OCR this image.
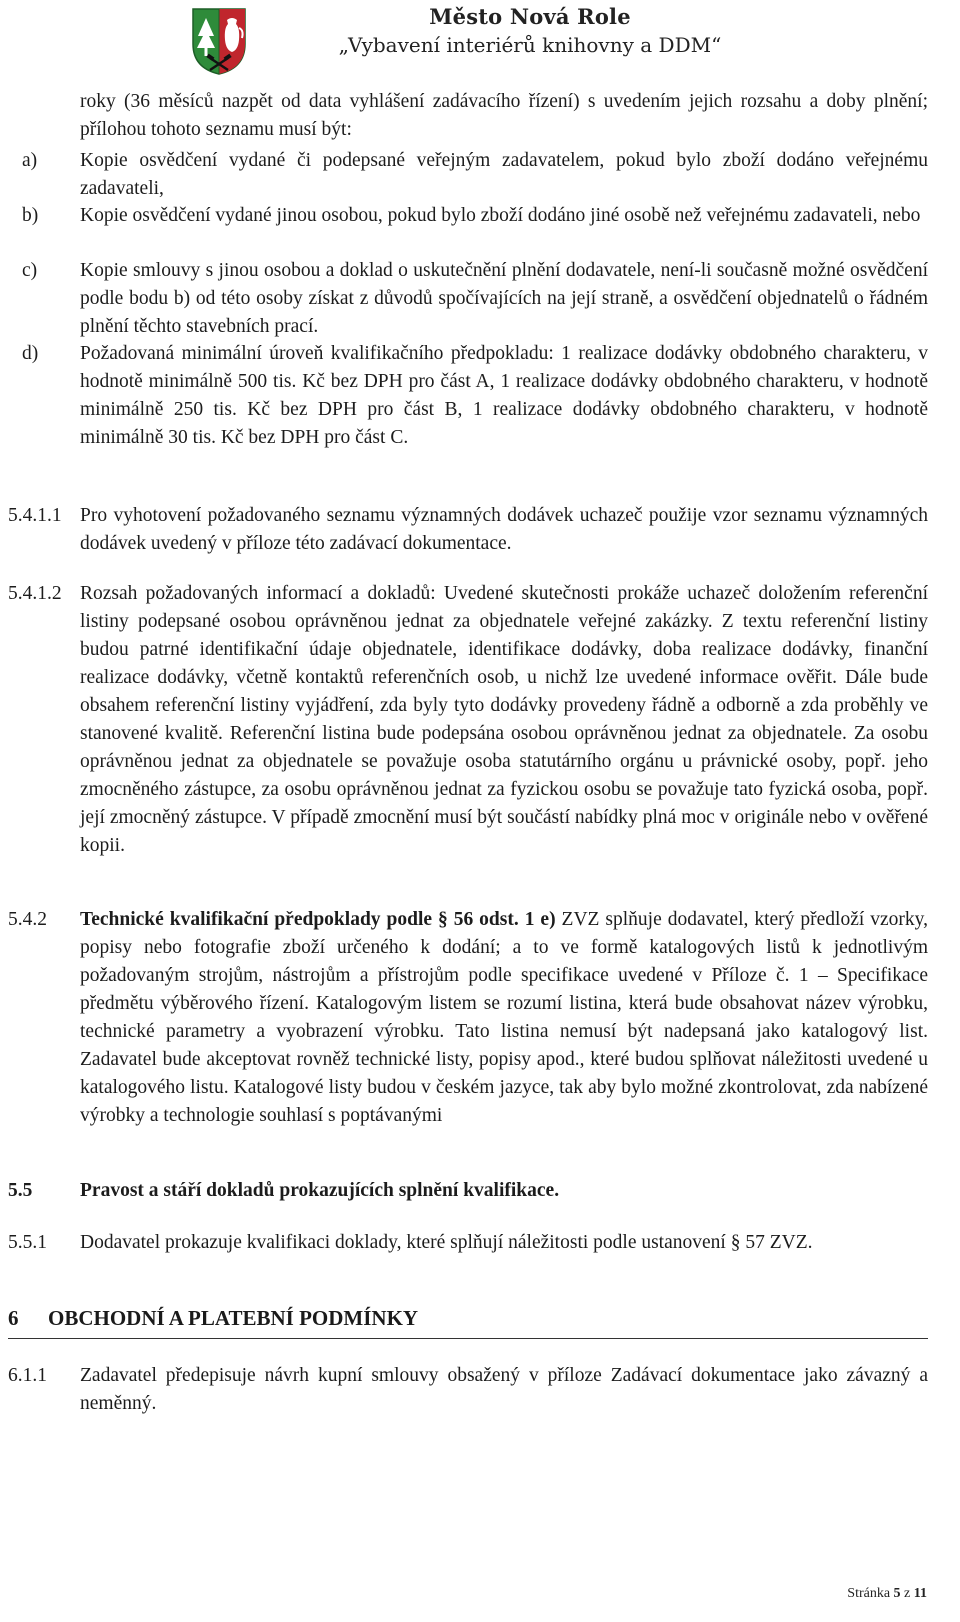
Město Nová Role
„Vybavení interiérů knihovny a DDM“
roky (36 měsíců nazpět od data vyhlášení zadávacího řízení) s uvedením jejich rozsahu a doby plnění; přílohou tohoto seznamu musí být:
a) Kopie osvědčení vydané či podepsané veřejným zadavatelem, pokud bylo zboží dodáno veřejnému zadavateli,
b) Kopie osvědčení vydané jinou osobou, pokud bylo zboží dodáno jiné osobě než veřejnému zadavateli, nebo
c) Kopie smlouvy s jinou osobou a doklad o uskutečnění plnění dodavatele, není-li současně možné osvědčení podle bodu b) od této osoby získat z důvodů spočívajících na její straně, a osvědčení objednatelů o řádném plnění těchto stavebních prací.
d) Požadovaná minimální úroveň kvalifikačního předpokladu: 1 realizace dodávky obdobného charakteru, v hodnotě minimálně 500 tis. Kč bez DPH pro část A, 1 realizace dodávky obdobného charakteru, v hodnotě minimálně 250 tis. Kč bez DPH pro část B, 1 realizace dodávky obdobného charakteru, v hodnotě minimálně 30 tis. Kč bez DPH pro část C.
5.4.1.1 Pro vyhotovení požadovaného seznamu významných dodávek uchazeč použije vzor seznamu významných dodávek uvedený v příloze této zadávací dokumentace.
5.4.1.2 Rozsah požadovaných informací a dokladů: Uvedené skutečnosti prokáže uchazeč doložením referenční listiny podepsané osobou oprávněnou jednat za objednatele veřejné zakázky. Z textu referenční listiny budou patrné identifikační údaje objednatele, identifikace dodávky, doba realizace dodávky, finanční realizace dodávky, včetně kontaktů referenčních osob, u nichž lze uvedené informace ověřit. Dále bude obsahem referenční listiny vyjádření, zda byly tyto dodávky provedeny řádně a odborně a zda proběhly ve stanovené kvalitě. Referenční listina bude podepsána osobou oprávněnou jednat za objednatele. Za osobu oprávněnou jednat za objednatele se považuje osoba statutárního orgánu u právnické osoby, popř. jeho zmocněného zástupce, za osobu oprávněnou jednat za fyzickou osobu se považuje tato fyzická osoba, popř. její zmocněný zástupce. V případě zmocnění musí být součástí nabídky plná moc v originále nebo v ověřené kopii.
5.4.2 Technické kvalifikační předpoklady podle § 56 odst. 1 e) ZVZ splňuje dodavatel, který předloží vzorky, popisy nebo fotografie zboží určeného k dodání; a to ve formě katalogových listů k jednotlivým požadovaným strojům, nástrojům a přístrojům podle specifikace uvedené v Příloze č. 1 – Specifikace předmětu výběrového řízení. Katalogovým listem se rozumí listina, která bude obsahovat název výrobku, technické parametry a vyobrazení výrobku. Tato listina nemusí být nadepsaná jako katalogový list. Zadavatel bude akceptovat rovněž technické listy, popisy apod., které budou splňovat náležitosti uvedené u katalogového listu. Katalogové listy budou v českém jazyce, tak aby bylo možné zkontrolovat, zda nabízené výrobky a technologie souhlasí s poptávanými
5.5 Pravost a stáří dokladů prokazujících splnění kvalifikace.
5.5.1 Dodavatel prokazuje kvalifikaci doklady, které splňují náležitosti podle ustanovení § 57 ZVZ.
6 OBCHODNÍ A PLATEBNÍ PODMÍNKY
6.1.1 Zadavatel předepisuje návrh kupní smlouvy obsažený v příloze Zadávací dokumentace jako závazný a neměnný.
Stránka 5 z 11
